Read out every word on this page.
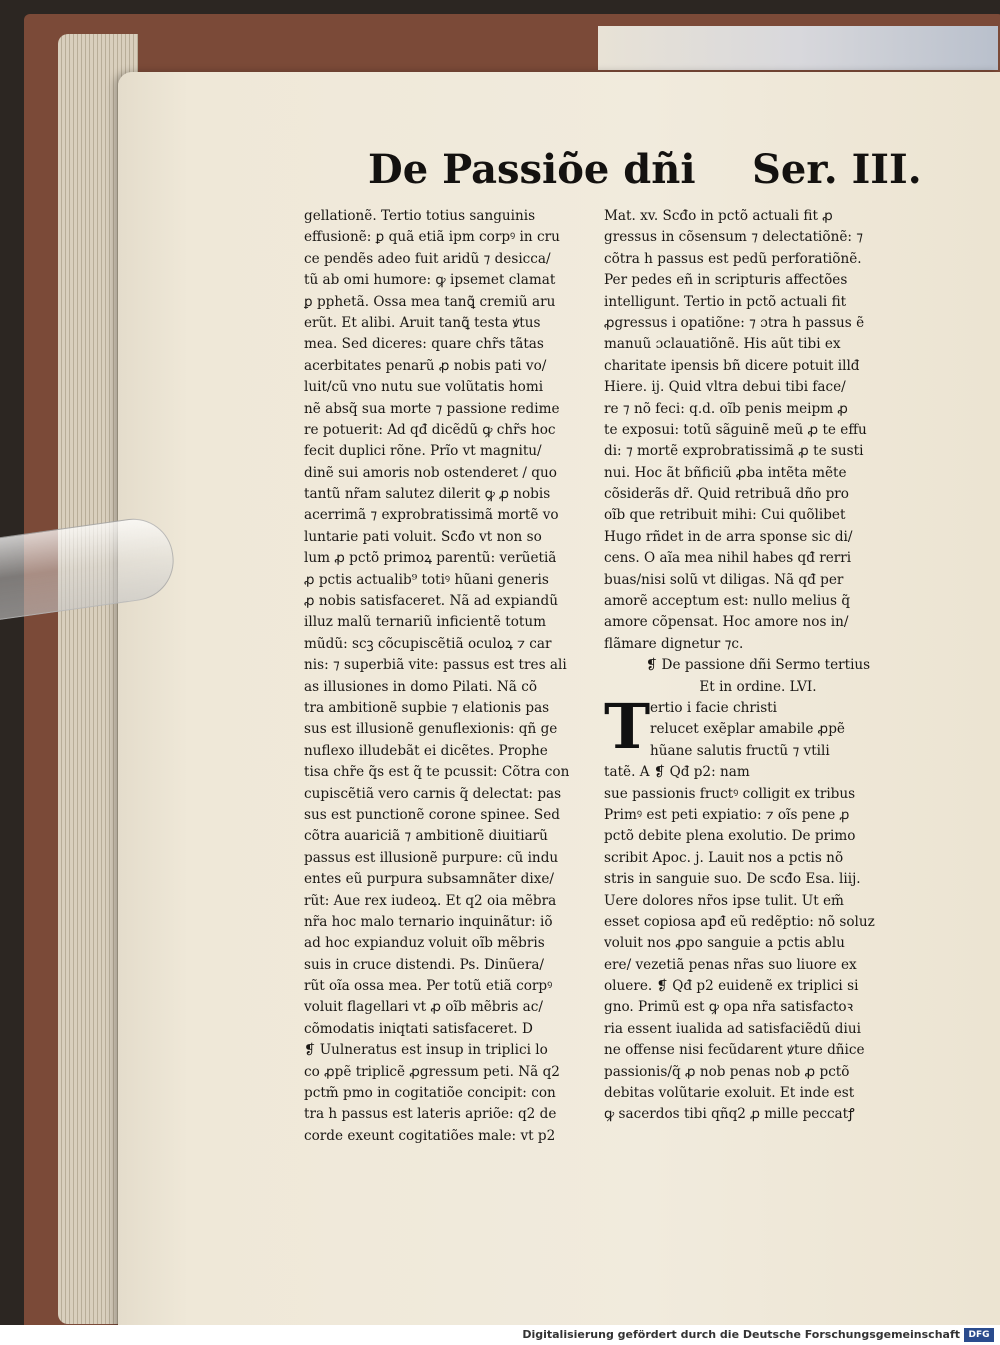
De Passiõe dñi Ser. III.
gellationẽ. Tertio totius sanguinis
effusionẽ: ꝑ quã etiã ipm corpꝰ in cru
ce pendẽs adeo fuit aridũ ⁊ desicca/
tũ ab omi humore: ꝙ ipsemet clamat
ꝑ pphetã. Ossa mea tanꝗ̃ cremiũ aru
erũt. Et alibi. Aruit tanꝗ̃ testa ꝟtus
mea. Sed diceres: quare chr̃s tãtas
acerbitates penarũ ꝓ nobis pati vo/
luit/cũ vno nutu sue volũtatis homi
nẽ absq̃ sua morte ⁊ passione redime
re potuerit: Ad qđ dicẽdũ ꝙ chr̃s hoc
fecit duplici rõne. Prĩo vt magnitu/
dinẽ sui amoris nob ostenderet / quo
tantũ nr̃am salutez dilerit ꝙ ꝓ nobis
acerrimã ⁊ exprobratissimã mortẽ vo
luntarie pati voluit. Scđo vt non so
lum ꝓ pctõ primoꝝ parentũ: verũetiã
ꝓ pctis actualib⁹ totiꝰ hũani generis
ꝓ nobis satisfaceret. Nã ad expiandũ
illuz malũ ternariũ inficientẽ totum
mũdũ: scꝫ cõcupiscẽtiã oculoꝝ ⁊ car
nis: ⁊ superbiã vite: passus est tres ali
as illusiones in domo Pilati. Nã cõ
tra ambitionẽ supbie ⁊ elationis pas
sus est illusionẽ genuflexionis: qñ ge
nuflexo illudebãt ei dicẽtes. Prophe
tisa chr̃e q̃s est q̃ te pcussit: Cõtra con
cupiscẽtiã vero carnis q̃ delectat: pas
sus est punctionẽ corone spinee. Sed
cõtra auariciã ⁊ ambitionẽ diuitiarũ
passus est illusionẽ purpure: cũ indu
entes eũ purpura subsamnãter dixe/
rũt: Aue rex iudeoꝝ. Et q2 oia mẽbra
nr̃a hoc malo ternario inquinãtur: iõ
ad hoc expianduz voluit oĩb mẽbris
suis in cruce distendi. Ps. Dinũera/
rũt oĩa ossa mea. Per totũ etiã corpꝰ
voluit flagellari vt ꝓ oĩb mẽbris ac/
cõmodatis iniqtati satisfaceret. D
❡ Uulneratus est insup in triplici lo
co ꝓpẽ triplicẽ ꝓgressum peti. Nã q2
pctm̃ pmo in cogitatiõe concipit: con
tra h passus est lateris apriõe: q2 de
corde exeunt cogitatiões male: vt p2
Mat. xv. Scđo in pctõ actuali fit ꝓ
gressus in cõsensum ⁊ delectatiõnẽ: ⁊
cõtra h passus est pedũ perforatiõnẽ.
Per pedes eñ in scripturis affectões
intelligunt. Tertio in pctõ actuali fit
ꝓgressus i opatiõne: ⁊ ɔtra h passus ẽ
manuũ ɔclauatiõnẽ. His aũt tibi ex
charitate ipensis bñ dicere potuit illđ
Hiere. ij. Quid vltra debui tibi face/
re ⁊ nõ feci: q.d. oĩb penis meipm ꝓ
te exposui: totũ sãguinẽ meũ ꝓ te effu
di: ⁊ mortẽ exprobratissimã ꝓ te susti
nui. Hoc ãt bñficiũ ꝓba intẽta mẽte
cõsiderãs dr̃. Quid retribuã dño pro
oĩb que retribuit mihi: Cui quõlibet
Hugo rñdet in de arra sponse sic di/
cens. O aĩa mea nihil habes qđ rerri
buas/nisi solũ vt diligas. Nã qđ per
amorẽ acceptum est: nullo melius q̃
amore cõpensat. Hoc amore nos in/
flãmare dignetur ⁊c.
❡ De passione dñi Sermo tertius
Et in ordine. LVI.
T ertio i facie christi
relucet exẽplar amabile ꝓpẽ
hũane salutis fructũ ⁊ vtili
tatẽ. A ❡ Qđ p2: nam
sue passionis fructꝰ colligit ex tribus
Primꝰ est peti expiatio: ⁊ oĩs pene ꝓ
pctõ debite plena exolutio. De primo
scribit Apoc. j. Lauit nos a pctis nõ
stris in sanguie suo. De scđo Esa. liij.
Uere dolores nr̃os ipse tulit. Ut em̃
esset copiosa apđ eũ redẽptio: nõ soluz
voluit nos ꝓpo sanguie a pctis ablu
ere/ vezetiã penas nr̃as suo liuore ex
oluere. ❡ Qđ p2 euidenẽ ex triplici si
gno. Primũ est ꝙ opa nr̃a satisfactoꝛ
ria essent iualida ad satisfaciẽdũ diui
ne offense nisi fecũdarent ꝟture dñice
passionis/q̃ ꝓ nob penas nob ꝓ pctõ
debitas volũtarie exoluit. Et inde est
ꝙ sacerdos tibi qñq2 ꝓ mille peccatꝭ
Digitalisierung gefördert durch die Deutsche Forschungsgemeinschaft DFG
